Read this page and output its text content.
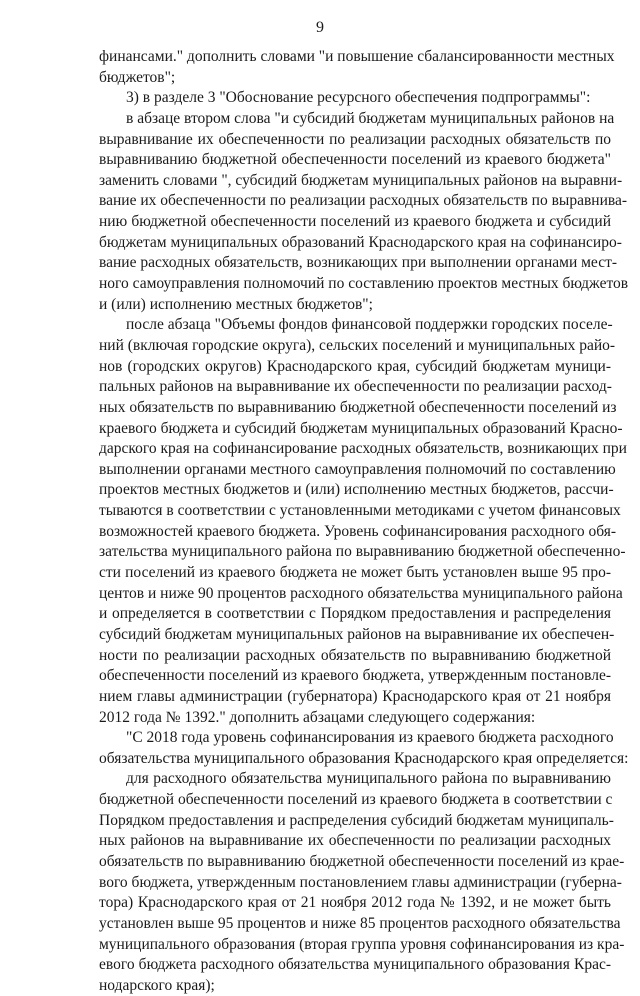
9
финансами." дополнить словами "и повышение сбалансированности местных
бюджетов";
3) в разделе 3 "Обоснование ресурсного обеспечения подпрограммы":
в абзаце втором слова "и субсидий бюджетам муниципальных районов на
выравнивание их обеспеченности по реализации расходных обязательств по
выравниванию бюджетной обеспеченности поселений из краевого бюджета"
заменить словами ", субсидий бюджетам муниципальных районов на выравни-
вание их обеспеченности по реализации расходных обязательств по выравнива-
нию бюджетной обеспеченности поселений из краевого бюджета и субсидий
бюджетам муниципальных образований Краснодарского края на софинансиро-
вание расходных обязательств, возникающих при выполнении органами мест-
ного самоуправления полномочий по составлению проектов местных бюджетов
и (или) исполнению местных бюджетов";
после абзаца "Объемы фондов финансовой поддержки городских поселе-
ний (включая городские округа), сельских поселений и муниципальных райо-
нов (городских округов) Краснодарского края, субсидий бюджетам муници-
пальных районов на выравнивание их обеспеченности по реализации расход-
ных обязательств по выравниванию бюджетной обеспеченности поселений из
краевого бюджета и субсидий бюджетам муниципальных образований Красно-
дарского края на софинансирование расходных обязательств, возникающих при
выполнении органами местного самоуправления полномочий по составлению
проектов местных бюджетов и (или) исполнению местных бюджетов, рассчи-
тываются в соответствии с установленными методиками с учетом финансовых
возможностей краевого бюджета. Уровень софинансирования расходного обя-
зательства муниципального района по выравниванию бюджетной обеспеченно-
сти поселений из краевого бюджета не может быть установлен выше 95 про-
центов и ниже 90 процентов расходного обязательства муниципального района
и определяется в соответствии с Порядком предоставления и распределения
субсидий бюджетам муниципальных районов на выравнивание их обеспечен-
ности по реализации расходных обязательств по выравниванию бюджетной
обеспеченности поселений из краевого бюджета, утвержденным постановле-
нием главы администрации (губернатора) Краснодарского края от 21 ноября
2012 года № 1392." дополнить абзацами следующего содержания:
"С 2018 года уровень софинансирования из краевого бюджета расходного
обязательства муниципального образования Краснодарского края определяется:
для расходного обязательства муниципального района по выравниванию
бюджетной обеспеченности поселений из краевого бюджета в соответствии с
Порядком предоставления и распределения субсидий бюджетам муниципаль-
ных районов на выравнивание их обеспеченности по реализации расходных
обязательств по выравниванию бюджетной обеспеченности поселений из крае-
вого бюджета, утвержденным постановлением главы администрации (губерна-
тора) Краснодарского края от 21 ноября 2012 года № 1392, и не может быть
установлен выше 95 процентов и ниже 85 процентов расходного обязательства
муниципального образования (вторая группа уровня софинансирования из кра-
евого бюджета расходного обязательства муниципального образования Крас-
нодарского края);
